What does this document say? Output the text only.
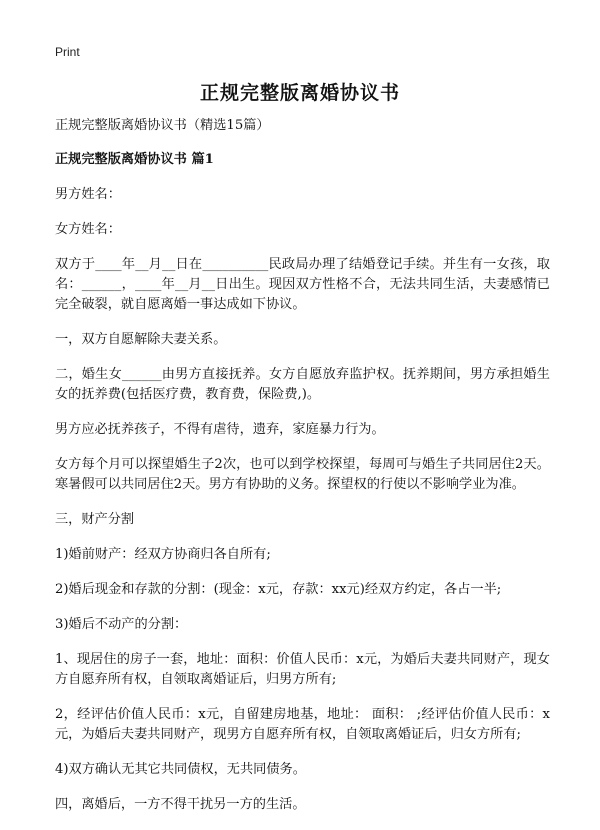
Print
正规完整版离婚协议书

正规完整版离婚协议书（精选15篇）

正规完整版离婚协议书 篇1

男方姓名：

女方姓名：

双方于____年__月__日在__________民政局办理了结婚登记手续。并生有一女孩，取名：______，____年__月__日出生。现因双方性格不合，无法共同生活，夫妻感情已完全破裂，就自愿离婚一事达成如下协议。

一，双方自愿解除夫妻关系。

二，婚生女______由男方直接抚养。女方自愿放弃监护权。抚养期间，男方承担婚生女的抚养费(包括医疗费，教育费，保险费,)。

男方应必抚养孩子，不得有虐待，遗弃，家庭暴力行为。

女方每个月可以探望婚生子2次，也可以到学校探望，每周可与婚生子共同居住2天。寒暑假可以共同居住2天。男方有协助的义务。探望权的行使以不影响学业为准。

三，财产分割

1)婚前财产：经双方协商归各自所有;

2)婚后现金和存款的分割：(现金：x元，存款：xx元)经双方约定，各占一半;

3)婚后不动产的分割：

1、现居住的房子一套，地址：面积：价值人民币：x元，为婚后夫妻共同财产，现女方自愿弃所有权，自领取离婚证后，归男方所有;

2，经评估价值人民币：x元，自留建房地基，地址： 面积： ;经评估价值人民币：x元，为婚后夫妻共同财产，现男方自愿弃所有权，自领取离婚证后，归女方所有;

4)双方确认无其它共同债权，无共同债务。

四，离婚后，一方不得干扰另一方的生活。
